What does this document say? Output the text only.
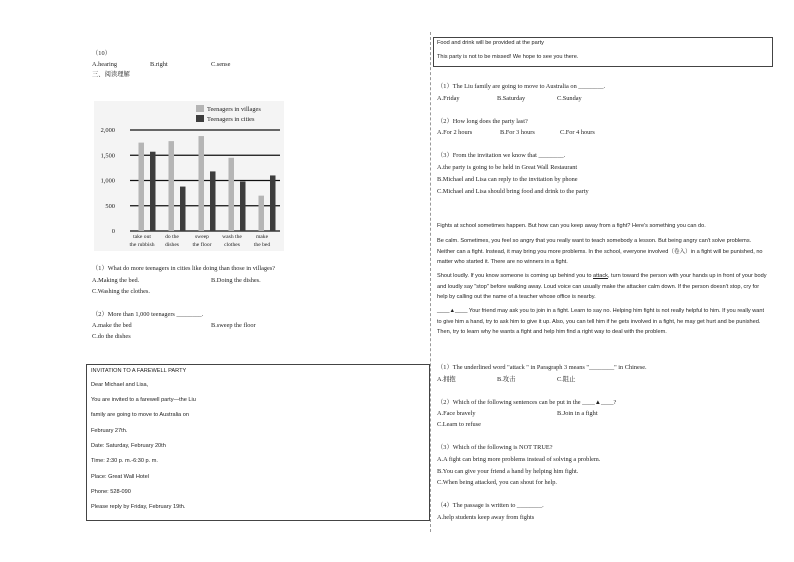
（10）
A.hearing	B.right	C.sense
三、阅读理解
2,000
1,500
1,000
500
0
take out
the rubbish
do the
dishes
sweep
the floor
wash the
clothes
make
the bed
Teenagers in villages
Teenagers in cities
（1）What do more teenagers in cities like doing than those in villages?
A.Making the bed.	B.Doing the dishes.
C.Washing the clothes.
（2）More than 1,000 teenagers ________.
A.make the bed	B.sweep the floor
C.do the dishes
INVITATION TO A FAREWELL PARTY
Dear Michael and Lisa,
You are invited to a farewell party—the Liu
family are going to move to Australia on
February 27th.
Date: Saturday, February 20th
Time: 2:30 p. m.-6:30 p. m.
Place: Great Wall Hotel
Phone: 528-090
Please reply by Friday, February 19th.
Food and drink will be provided at the party
This party is not to be missed! We hope to see you there.
（1）The Liu family are going to move to Australia on ________.
A.Friday	B.Saturday	C.Sunday
（2）How long does the party last?
A.For 2 hours	B.For 3 hours	C.For 4 hours
（3）From the invitation we know that ________.
A.the party is going to be held in Great Wall Restaurant
B.Michael and Lisa can reply to the invitation by phone
C.Michael and Lisa should bring food and drink to the party
Fights at school sometimes happen. But how can you keep away from a fight? Here's something you can do.
Be calm. Sometimes, you feel so angry that you really want to teach somebody a lesson. But being angry can't solve problems. Neither can a fight. Instead, it may bring you more problems. In the school, everyone involved（卷入）in a fight will be punished, no matter who started it. There are no winners in a fight.
Shout loudly. If you know someone is coming up behind you to attack, turn toward the person with your hands up in front of your body and loudly say "stop" before walking away. Loud voice can usually make the attacker calm down. If the person doesn't stop, cry for help by calling out the name of a teacher whose office is nearby.
____▲____ Your friend may ask you to join in a fight. Learn to say no. Helping him fight is not really helpful to him. If you really want to give him a hand, try to ask him to give it up. Also, you can tell him if he gets involved in a fight, he may get hurt and be punished. Then, try to learn why he wants a fight and help him find a right way to deal with the problem.
（1）The underlined word "attack " in Paragraph 3 means "________" in Chinese.
A.拥抱	B.攻击	C.阻止
（2）Which of the following sentences can be put in the ____▲____?
A.Face bravely	B.Join in a fight
C.Learn to refuse
（3）Which of the following is NOT TRUE?
A.A fight can bring more problems instead of solving a problem.
B.You can give your friend a hand by helping him fight.
C.When being attacked, you can shout for help.
（4）The passage is written to ________.
A.help students keep away from fights
